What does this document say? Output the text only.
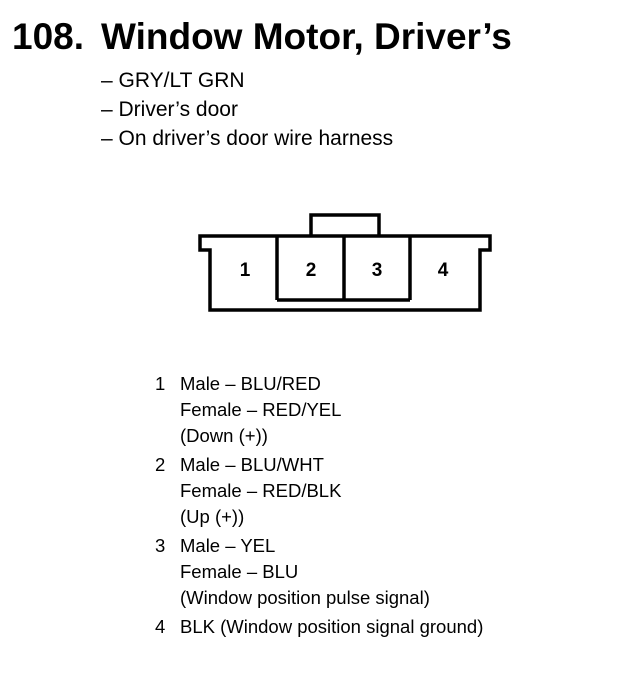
108. Window Motor, Driver’s
– GRY/LT GRN
– Driver’s door
– On driver’s door wire harness
1	2	3	4
1 Male – BLU/RED
Female – RED/YEL
(Down (+))
2 Male – BLU/WHT
Female – RED/BLK
(Up (+))
3 Male – YEL
Female – BLU
(Window position pulse signal)
4 BLK (Window position signal ground)
